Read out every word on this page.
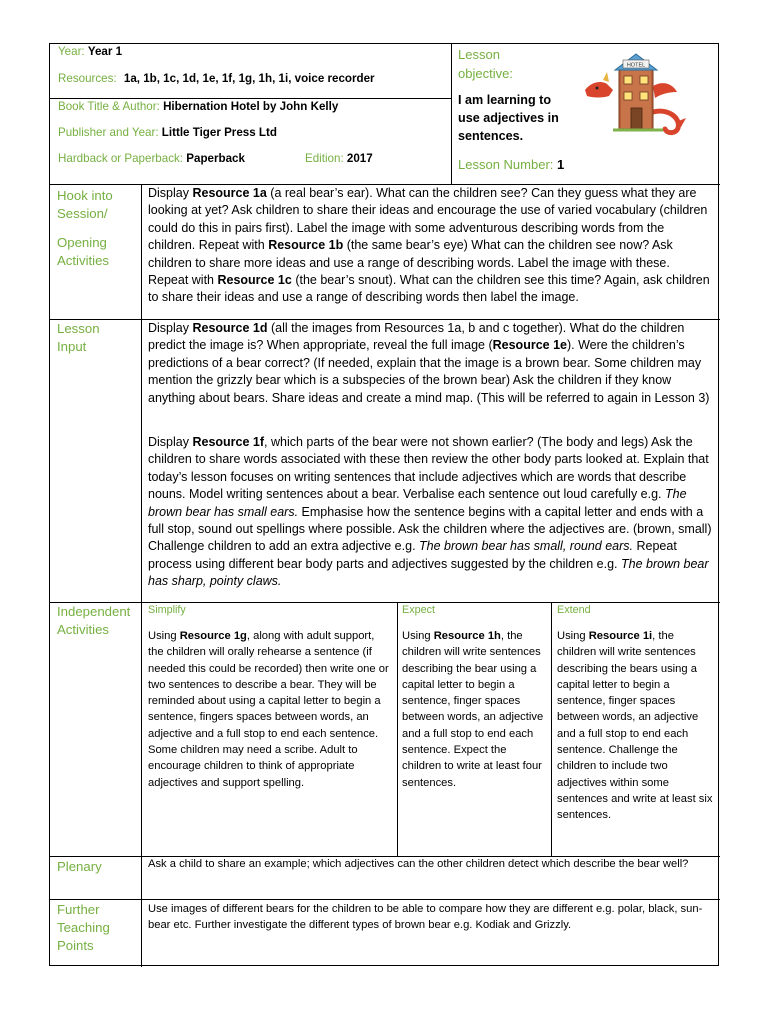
Year: Year 1
Resources: 1a, 1b, 1c, 1d, 1e, 1f, 1g, 1h, 1i, voice recorder
Book Title & Author: Hibernation Hotel by John Kelly
Publisher and Year: Little Tiger Press Ltd
Hardback or Paperback: Paperback	Edition: 2017
Lesson objective:
I am learning to use adjectives in sentences.
Lesson Number: 1
HOTEL
Hook into Session/
Opening Activities
Display Resource 1a (a real bear’s ear). What can the children see? Can they guess what they are looking at yet? Ask children to share their ideas and encourage the use of varied vocabulary (children could do this in pairs first). Label the image with some adventurous describing words from the children. Repeat with Resource 1b (the same bear’s eye) What can the children see now? Ask children to share more ideas and use a range of describing words. Label the image with these. Repeat with Resource 1c (the bear’s snout). What can the children see this time? Again, ask children to share their ideas and use a range of describing words then label the image.
Lesson Input
Display Resource 1d (all the images from Resources 1a, b and c together). What do the children predict the image is? When appropriate, reveal the full image (Resource 1e). Were the children’s predictions of a bear correct? (If needed, explain that the image is a brown bear. Some children may mention the grizzly bear which is a subspecies of the brown bear) Ask the children if they know anything about bears. Share ideas and create a mind map. (This will be referred to again in Lesson 3)
Display Resource 1f, which parts of the bear were not shown earlier? (The body and legs) Ask the children to share words associated with these then review the other body parts looked at. Explain that today’s lesson focuses on writing sentences that include adjectives which are words that describe nouns. Model writing sentences about a bear. Verbalise each sentence out loud carefully e.g. The brown bear has small ears. Emphasise how the sentence begins with a capital letter and ends with a full stop, sound out spellings where possible. Ask the children where the adjectives are. (brown, small) Challenge children to add an extra adjective e.g. The brown bear has small, round ears. Repeat process using different bear body parts and adjectives suggested by the children e.g. The brown bear has sharp, pointy claws.
Independent Activities
Simplify
Using Resource 1g, along with adult support, the children will orally rehearse a sentence (if needed this could be recorded) then write one or two sentences to describe a bear. They will be reminded about using a capital letter to begin a sentence, fingers spaces between words, an adjective and a full stop to end each sentence. Some children may need a scribe. Adult to encourage children to think of appropriate adjectives and support spelling.
Expect
Using Resource 1h, the children will write sentences describing the bear using a capital letter to begin a sentence, finger spaces between words, an adjective and a full stop to end each sentence. Expect the children to write at least four sentences.
Extend
Using Resource 1i, the children will write sentences describing the bears using a capital letter to begin a sentence, finger spaces between words, an adjective and a full stop to end each sentence. Challenge the children to include two adjectives within some sentences and write at least six sentences.
Plenary	Ask a child to share an example; which adjectives can the other children detect which describe the bear well?
Further Teaching Points
Use images of different bears for the children to be able to compare how they are different e.g. polar, black, sun-bear etc. Further investigate the different types of brown bear e.g. Kodiak and Grizzly.
